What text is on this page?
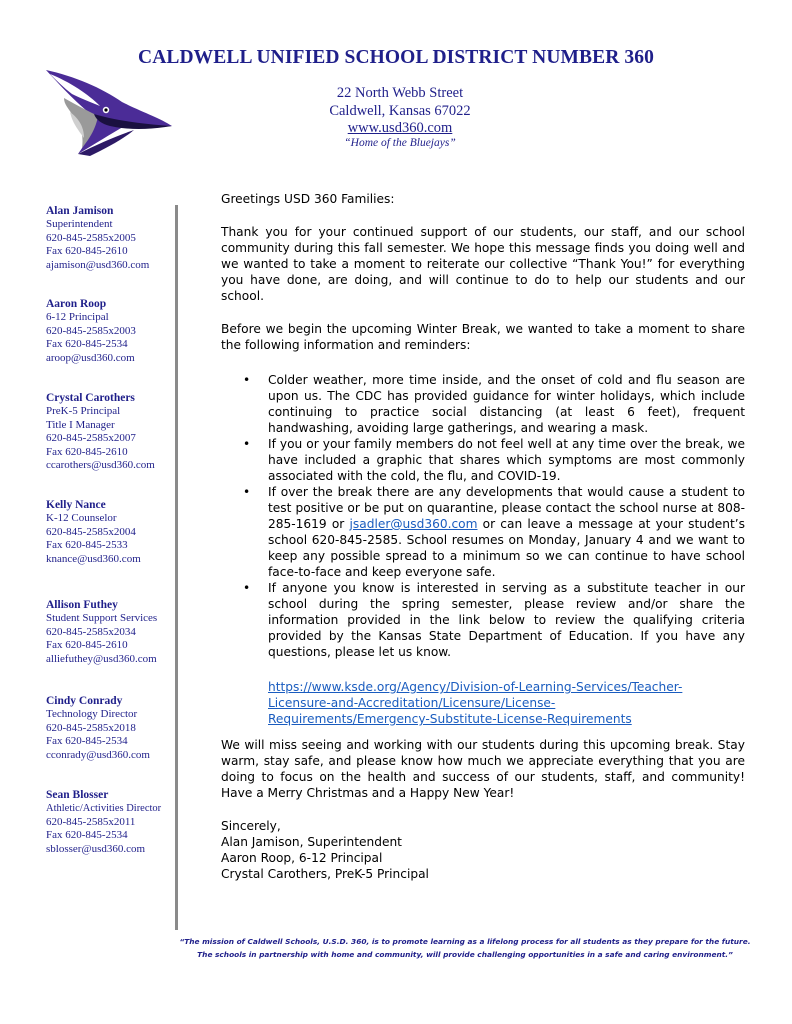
CALDWELL UNIFIED SCHOOL DISTRICT NUMBER 360
22 North Webb Street
Caldwell, Kansas 67022
www.usd360.com
“Home of the Bluejays”
Alan Jamison
Superintendent
620-845-2585x2005
Fax 620-845-2610
ajamison@usd360.com
Aaron Roop
6-12 Principal
620-845-2585x2003
Fax 620-845-2534
aroop@usd360.com
Crystal Carothers
PreK-5 Principal
Title I Manager
620-845-2585x2007
Fax 620-845-2610
ccarothers@usd360.com
Kelly Nance
K-12 Counselor
620-845-2585x2004
Fax 620-845-2533
knance@usd360.com
Allison Futhey
Student Support Services
620-845-2585x2034
Fax 620-845-2610
alliefuthey@usd360.com
Cindy Conrady
Technology Director
620-845-2585x2018
Fax 620-845-2534
cconrady@usd360.com
Sean Blosser
Athletic/Activities Director
620-845-2585x2011
Fax 620-845-2534
sblosser@usd360.com

Greetings USD 360 Families:

Thank you for your continued support of our students, our staff, and our school community during this fall semester. We hope this message finds you doing well and we wanted to take a moment to reiterate our collective “Thank You!” for everything you have done, are doing, and will continue to do to help our students and our school.

Before we begin the upcoming Winter Break, we wanted to take a moment to share the following information and reminders:

• Colder weather, more time inside, and the onset of cold and flu season are upon us. The CDC has provided guidance for winter holidays, which include continuing to practice social distancing (at least 6 feet), frequent handwashing, avoiding large gatherings, and wearing a mask.

• If you or your family members do not feel well at any time over the break, we have included a graphic that shares which symptoms are most commonly associated with the cold, the flu, and COVID-19.

• If over the break there are any developments that would cause a student to test positive or be put on quarantine, please contact the school nurse at 808-285-1619 or jsadler@usd360.com or can leave a message at your student’s school 620-845-2585. School resumes on Monday, January 4 and we want to keep any possible spread to a minimum so we can continue to have school face-to-face and keep everyone safe.

• If anyone you know is interested in serving as a substitute teacher in our school during the spring semester, please review and/or share the information provided in the link below to review the qualifying criteria provided by the Kansas State Department of Education. If you have any questions, please let us know.

https://www.ksde.org/Agency/Division-of-Learning-Services/Teacher-
Licensure-and-Accreditation/Licensure/License-
Requirements/Emergency-Substitute-License-Requirements

We will miss seeing and working with our students during this upcoming break. Stay warm, stay safe, and please know how much we appreciate everything that you are doing to focus on the health and success of our students, staff, and community! Have a Merry Christmas and a Happy New Year!

Sincerely,
Alan Jamison, Superintendent
Aaron Roop, 6-12 Principal
Crystal Carothers, PreK-5 Principal
“The mission of Caldwell Schools, U.S.D. 360, is to promote learning as a lifelong process for all students as they prepare for the future.
The schools in partnership with home and community, will provide challenging opportunities in a safe and caring environment.”
